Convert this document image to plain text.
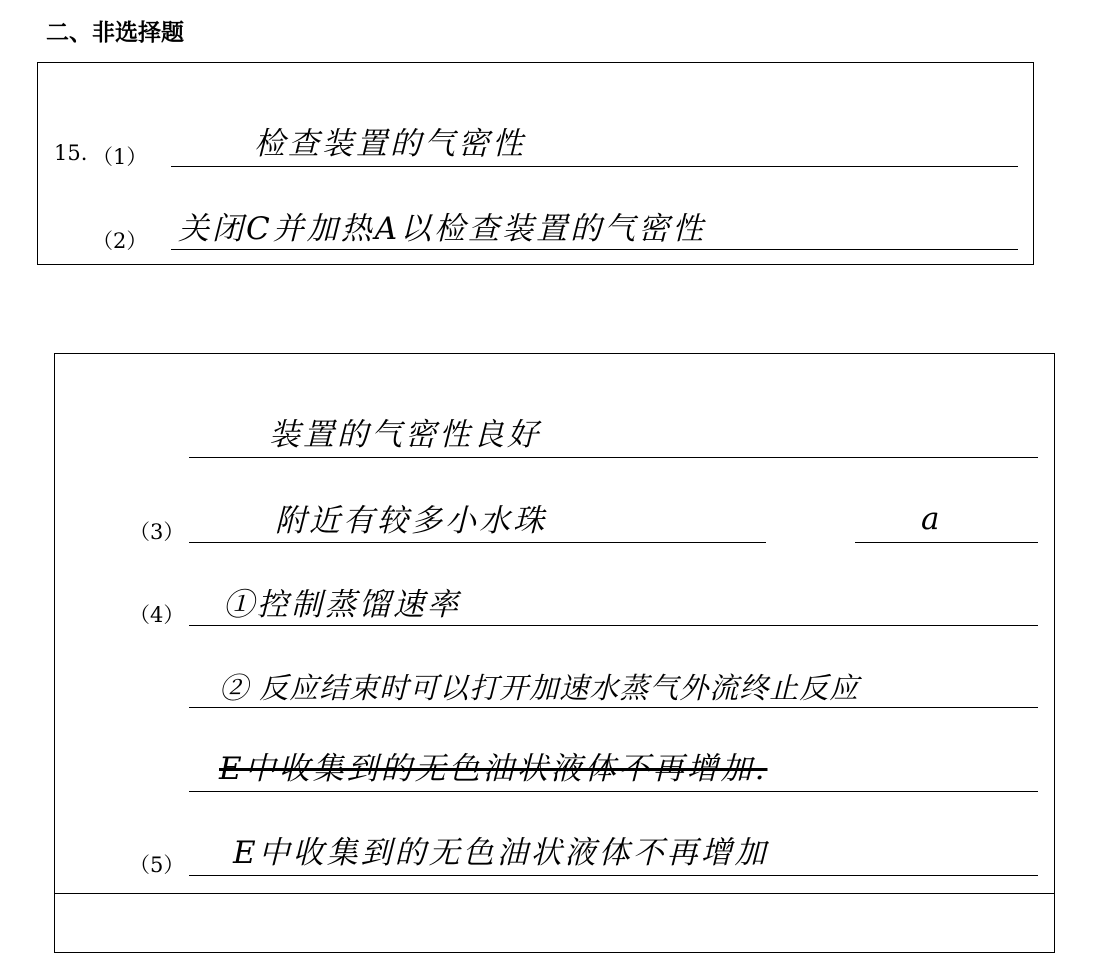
二、非选择题
15. （1）	检查装置的气密性
（2） 关闭C并加热A以检查装置的气密性
装置的气密性良好
（3）	附近有较多小水珠	a
（4） ①控制蒸馏速率
② 反应结束时可以打开加速水蒸气外流终止反应
E中收集到的无色油状液体不再增加.
（5） E中收集到的无色油状液体不再增加
